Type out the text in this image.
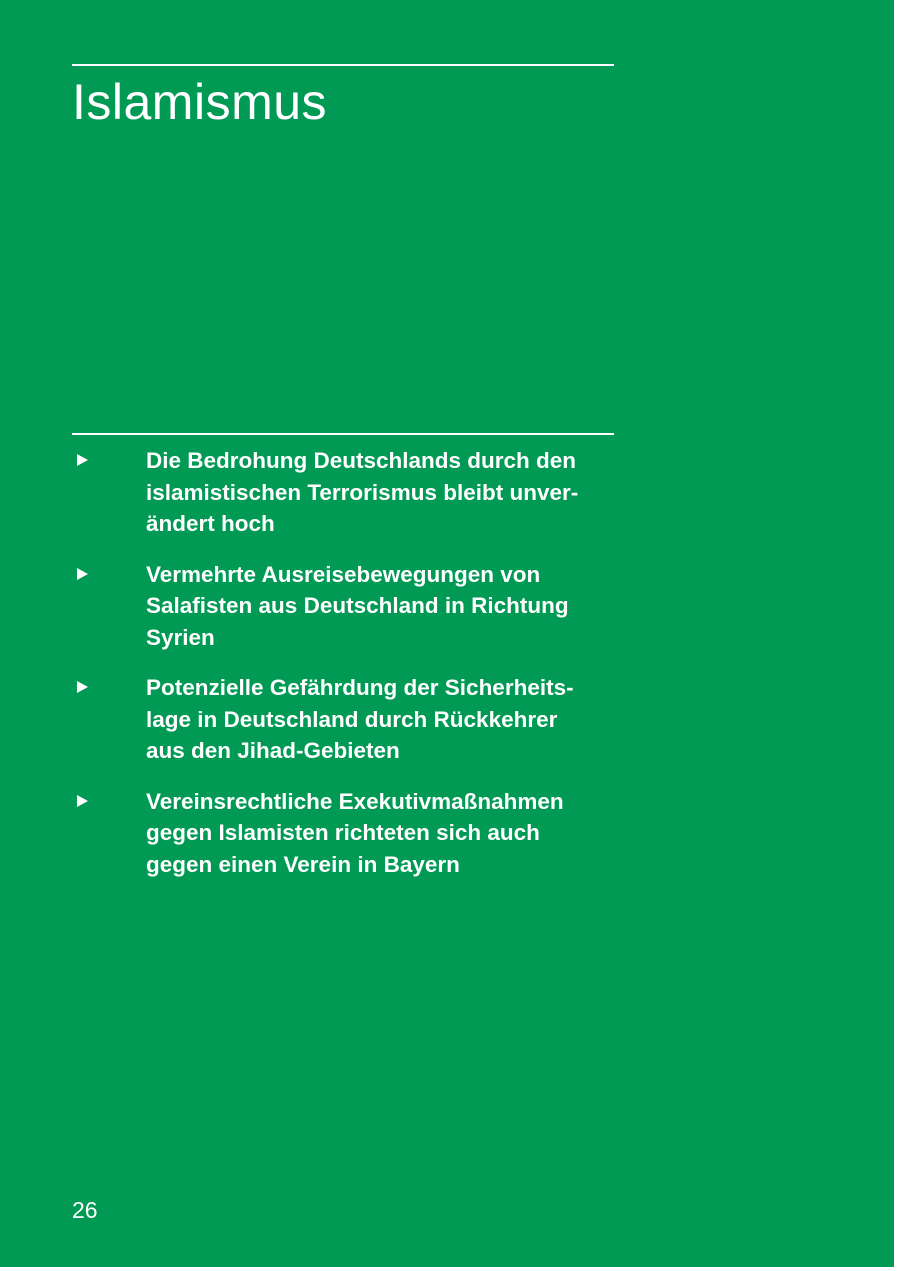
Islamismus
Die Bedrohung Deutschlands durch den
islamistischen Terrorismus bleibt unver-
ändert hoch
Vermehrte Ausreisebewegungen von
Salafisten aus Deutschland in Richtung
Syrien
Potenzielle Gefährdung der Sicherheits-
lage in Deutschland durch Rückkehrer
aus den Jihad-Gebieten
Vereinsrechtliche Exekutivmaßnahmen
gegen Islamisten richteten sich auch
gegen einen Verein in Bayern
26
